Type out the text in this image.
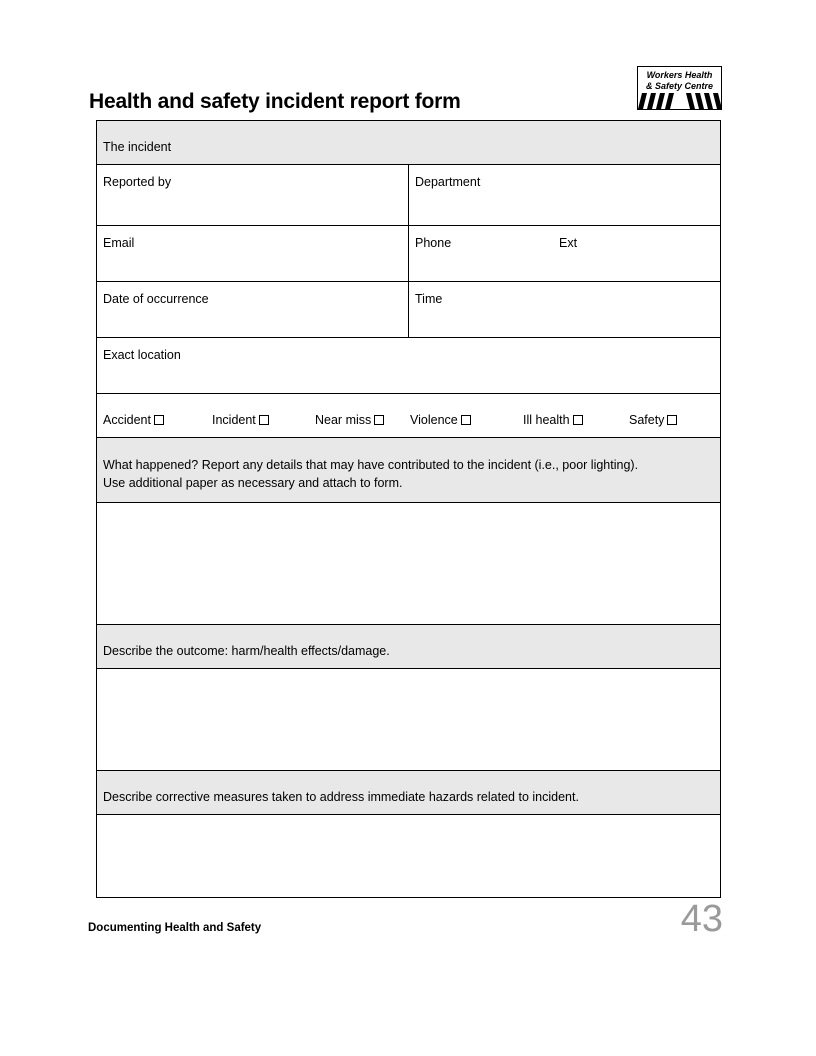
Health and safety incident report form
Workers Health
& Safety Centre
The incident
Reported by	Department
Email	Phone	Ext
Date of occurrence	Time
Exact location
Accident	Incident	Near miss	Violence	Ill health	Safety
What happened? Report any details that may have contributed to the incident (i.e., poor lighting).
Use additional paper as necessary and attach to form.
Describe the outcome: harm/health effects/damage.
Describe corrective measures taken to address immediate hazards related to incident.
Documenting Health and Safety	43
